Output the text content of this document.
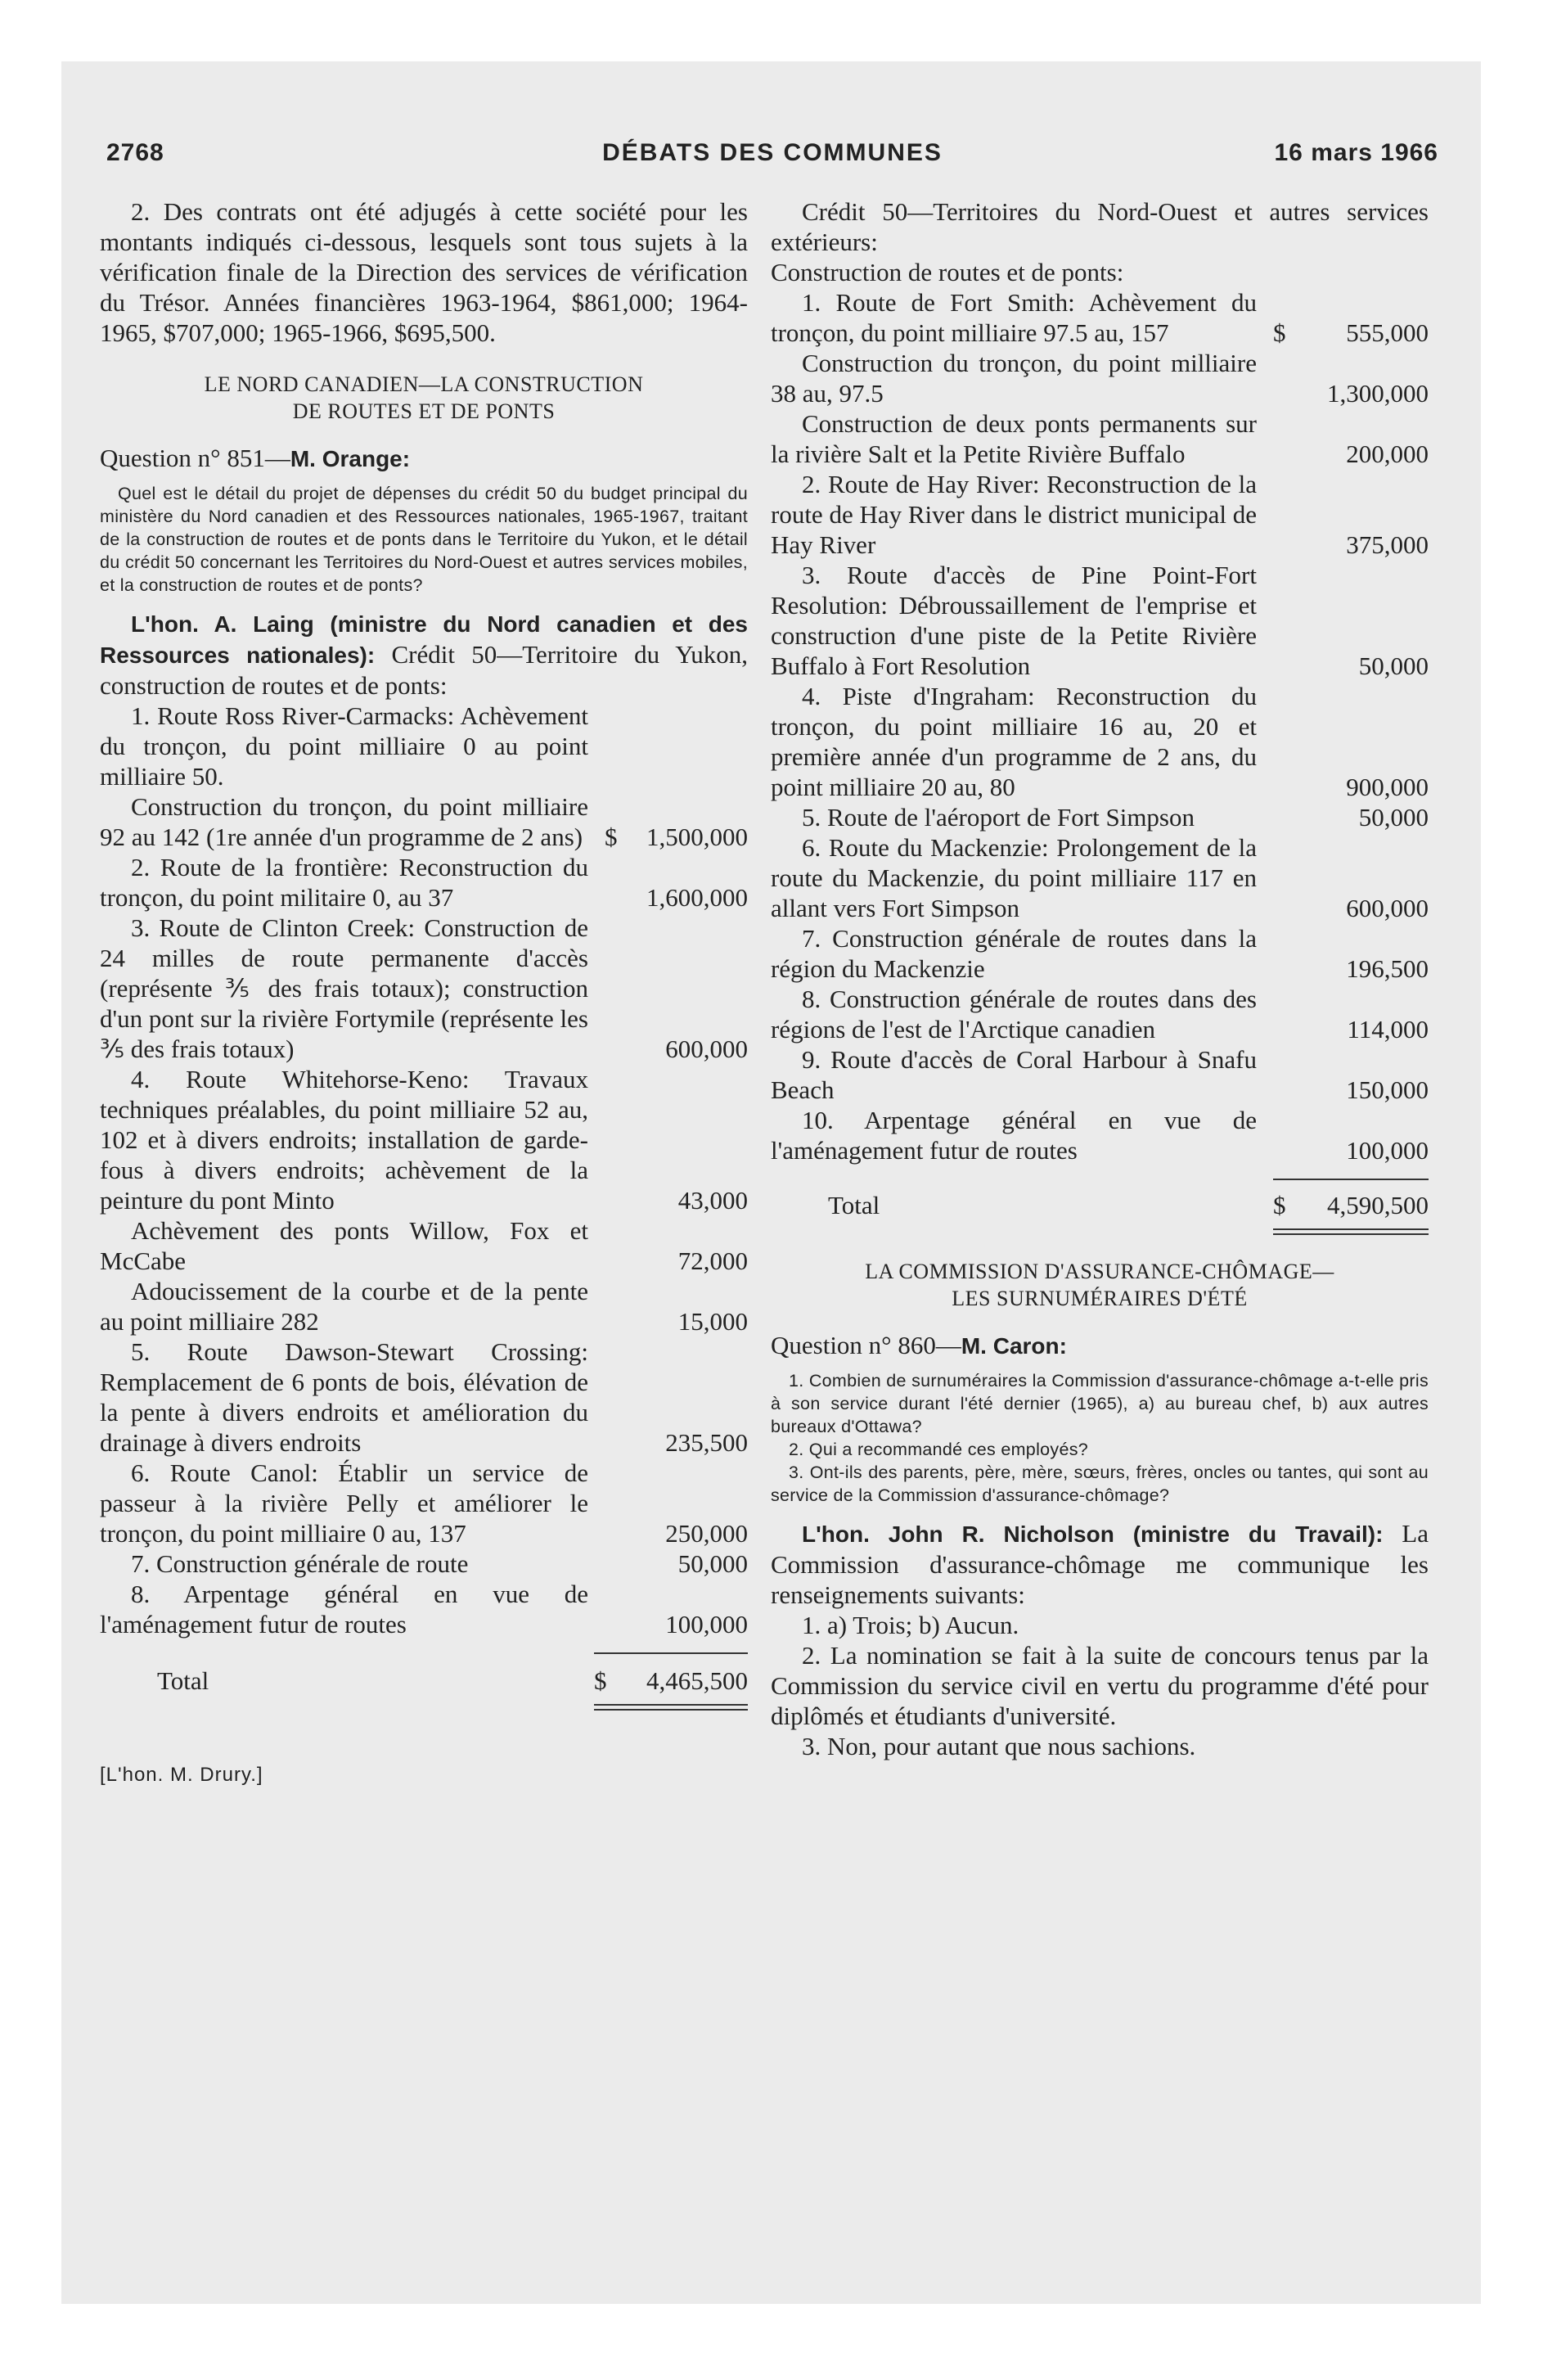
2768	DÉBATS DES COMMUNES	16 mars 1966

2. Des contrats ont été adjugés à cette société pour les montants indiqués ci-dessous, lesquels sont tous sujets à la vérification finale de la Direction des services de vérification du Trésor. Années financières 1963-1964, $861,000; 1964-1965, $707,000; 1965-1966, $695,500.

LE NORD CANADIEN—LA CONSTRUCTION
DE ROUTES ET DE PONTS

Question n° 851—M. Orange:

Quel est le détail du projet de dépenses du crédit 50 du budget principal du ministère du Nord canadien et des Ressources nationales, 1965-1967, traitant de la construction de routes et de ponts dans le Territoire du Yukon, et le détail du crédit 50 concernant les Territoires du Nord-Ouest et autres services mobiles, et la construction de routes et de ponts?

L'hon. A. Laing (ministre du Nord canadien et des Ressources nationales): Crédit 50—Territoire du Yukon, construction de routes et de ponts:

1. Route Ross River-Carmacks: Achèvement du tronçon, du point milliaire 0 au point milliaire 50.
Construction du tronçon, du point milliaire 92 au 142 (1re année d'un programme de 2 ans) $ 1,500,000
2. Route de la frontière: Reconstruction du tronçon, du point militaire 0, au 37	1,600,000
3. Route de Clinton Creek: Construction de 24 milles de route permanente d'accès (représente ⅗ des frais totaux); construction d'un pont sur la rivière Fortymile (représente les ⅗ des frais totaux)	600,000
4. Route Whitehorse-Keno: Travaux techniques préalables, du point milliaire 52 au, 102 et à divers endroits; installation de garde-fous à divers endroits; achèvement de la peinture du pont Minto	43,000
Achèvement des ponts Willow, Fox et McCabe	72,000
Adoucissement de la courbe et de la pente au point milliaire 282	15,000
5. Route Dawson-Stewart Crossing: Remplacement de 6 ponts de bois, élévation de la pente à divers endroits et amélioration du drainage à divers endroits	235,500
6. Route Canol: Établir un service de passeur à la rivière Pelly et améliorer le tronçon, du point milliaire 0 au, 137	250,000
7. Construction générale de route	50,000
8. Arpentage général en vue de l'aménagement futur de routes	100,000
Total	$ 4,465,500

[L'hon. M. Drury.]

Crédit 50—Territoires du Nord-Ouest et autres services extérieurs:

Construction de routes et de ponts:

1. Route de Fort Smith: Achèvement du tronçon, du point milliaire 97.5 au, 157	$ 555,000
Construction du tronçon, du point milliaire 38 au, 97.5	1,300,000
Construction de deux ponts permanents sur la rivière Salt et la Petite Rivière Buffalo	200,000
2. Route de Hay River: Reconstruction de la route de Hay River dans le district municipal de Hay River	375,000
3. Route d'accès de Pine Point-Fort Resolution: Débroussaillement de l'emprise et construction d'une piste de la Petite Rivière Buffalo à Fort Resolution	50,000
4. Piste d'Ingraham: Reconstruction du tronçon, du point milliaire 16 au, 20 et première année d'un programme de 2 ans, du point milliaire 20 au, 80	900,000
5. Route de l'aéroport de Fort Simpson	50,000
6. Route du Mackenzie: Prolongement de la route du Mackenzie, du point milliaire 117 en allant vers Fort Simpson	600,000
7. Construction générale de routes dans la région du Mackenzie	196,500
8. Construction générale de routes dans des régions de l'est de l'Arctique canadien	114,000
9. Route d'accès de Coral Harbour à Snafu Beach	150,000
10. Arpentage général en vue de l'aménagement futur de routes	100,000
Total	$ 4,590,500
LA COMMISSION D'ASSURANCE-CHÔMAGE—
LES SURNUMÉRAIRES D'ÉTÉ

Question n° 860—M. Caron:

1. Combien de surnuméraires la Commission d'assurance-chômage a-t-elle pris à son service durant l'été dernier (1965), a) au bureau chef, b) aux autres bureaux d'Ottawa?

2. Qui a recommandé ces employés?

3. Ont-ils des parents, père, mère, sœurs, frères, oncles ou tantes, qui sont au service de la Commission d'assurance-chômage?

L'hon. John R. Nicholson (ministre du Travail): La Commission d'assurance-chômage me communique les renseignements suivants:

1. a) Trois; b) Aucun.

2. La nomination se fait à la suite de concours tenus par la Commission du service civil en vertu du programme d'été pour diplômés et étudiants d'université.

3. Non, pour autant que nous sachions.
